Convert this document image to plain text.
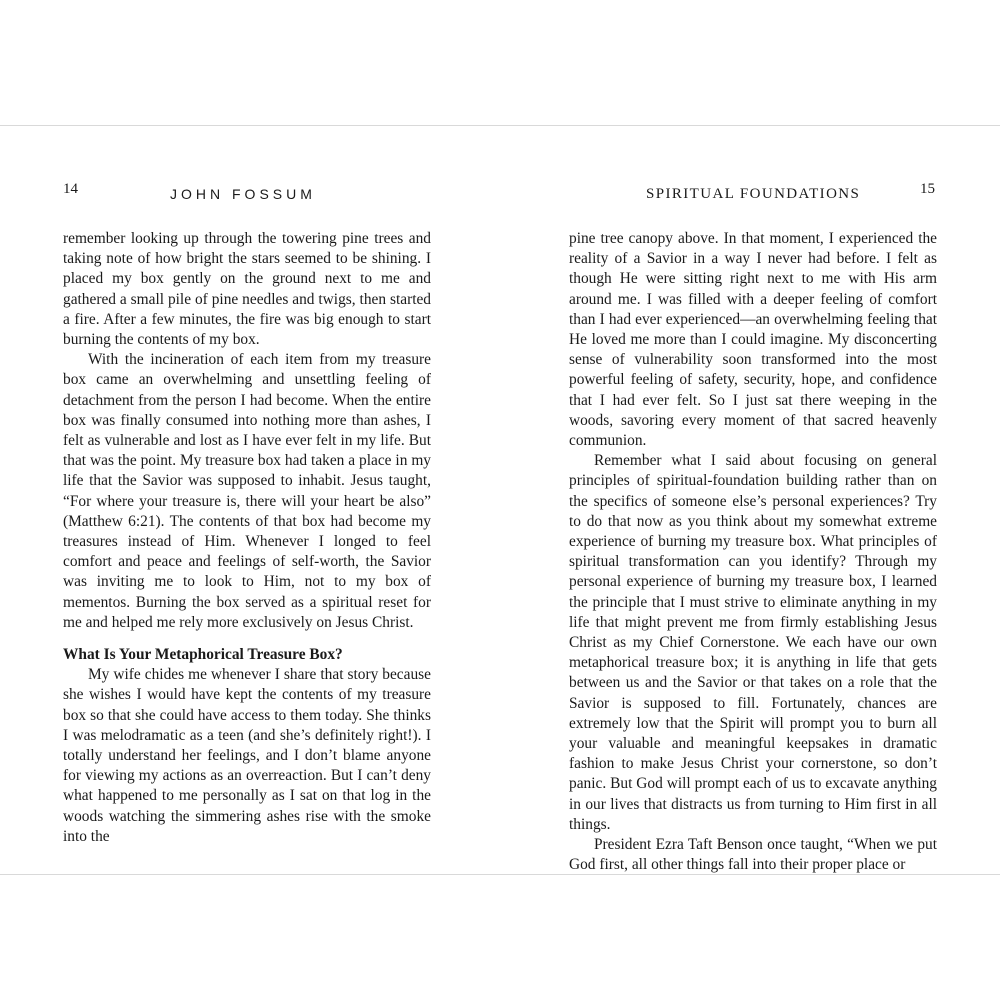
14	JOHN FOSSUM	SPIRITUAL FOUNDATIONS	15

remember looking up through the towering pine trees and taking note of how bright the stars seemed to be shining. I placed my box gently on the ground next to me and gathered a small pile of pine needles and twigs, then started a fire. After a few minutes, the fire was big enough to start burning the contents of my box.

With the incineration of each item from my treasure box came an overwhelming and unsettling feeling of detachment from the person I had become. When the entire box was finally consumed into nothing more than ashes, I felt as vulnerable and lost as I have ever felt in my life. But that was the point. My treasure box had taken a place in my life that the Savior was supposed to inhabit. Jesus taught, “For where your treasure is, there will your heart be also” (Matthew 6:21). The contents of that box had become my treasures instead of Him. Whenever I longed to feel comfort and peace and feelings of self-worth, the Savior was inviting me to look to Him, not to my box of mementos. Burning the box served as a spiritual reset for me and helped me rely more exclusively on Jesus Christ.

What Is Your Metaphorical Treasure Box?

My wife chides me whenever I share that story because she wishes I would have kept the contents of my treasure box so that she could have access to them today. She thinks I was melodramatic as a teen (and she’s definitely right!). I totally understand her feelings, and I don’t blame anyone for viewing my actions as an overreaction. But I can’t deny what happened to me personally as I sat on that log in the woods watching the simmering ashes rise with the smoke into the

pine tree canopy above. In that moment, I experienced the reality of a Savior in a way I never had before. I felt as though He were sitting right next to me with His arm around me. I was filled with a deeper feeling of comfort than I had ever experienced—an overwhelming feeling that He loved me more than I could imagine. My disconcerting sense of vulnerability soon transformed into the most powerful feeling of safety, security, hope, and confidence that I had ever felt. So I just sat there weeping in the woods, savoring every moment of that sacred heavenly communion.

Remember what I said about focusing on general principles of spiritual-foundation building rather than on the specifics of someone else’s personal experiences? Try to do that now as you think about my somewhat extreme experience of burning my treasure box. What principles of spiritual transformation can you identify? Through my personal experience of burning my treasure box, I learned the principle that I must strive to eliminate anything in my life that might prevent me from firmly establishing Jesus Christ as my Chief Cornerstone. We each have our own metaphorical treasure box; it is anything in life that gets between us and the Savior or that takes on a role that the Savior is supposed to fill. Fortunately, chances are extremely low that the Spirit will prompt you to burn all your valuable and meaningful keepsakes in dramatic fashion to make Jesus Christ your cornerstone, so don’t panic. But God will prompt each of us to excavate anything in our lives that distracts us from turning to Him first in all things.

President Ezra Taft Benson once taught, “When we put God first, all other things fall into their proper place or
